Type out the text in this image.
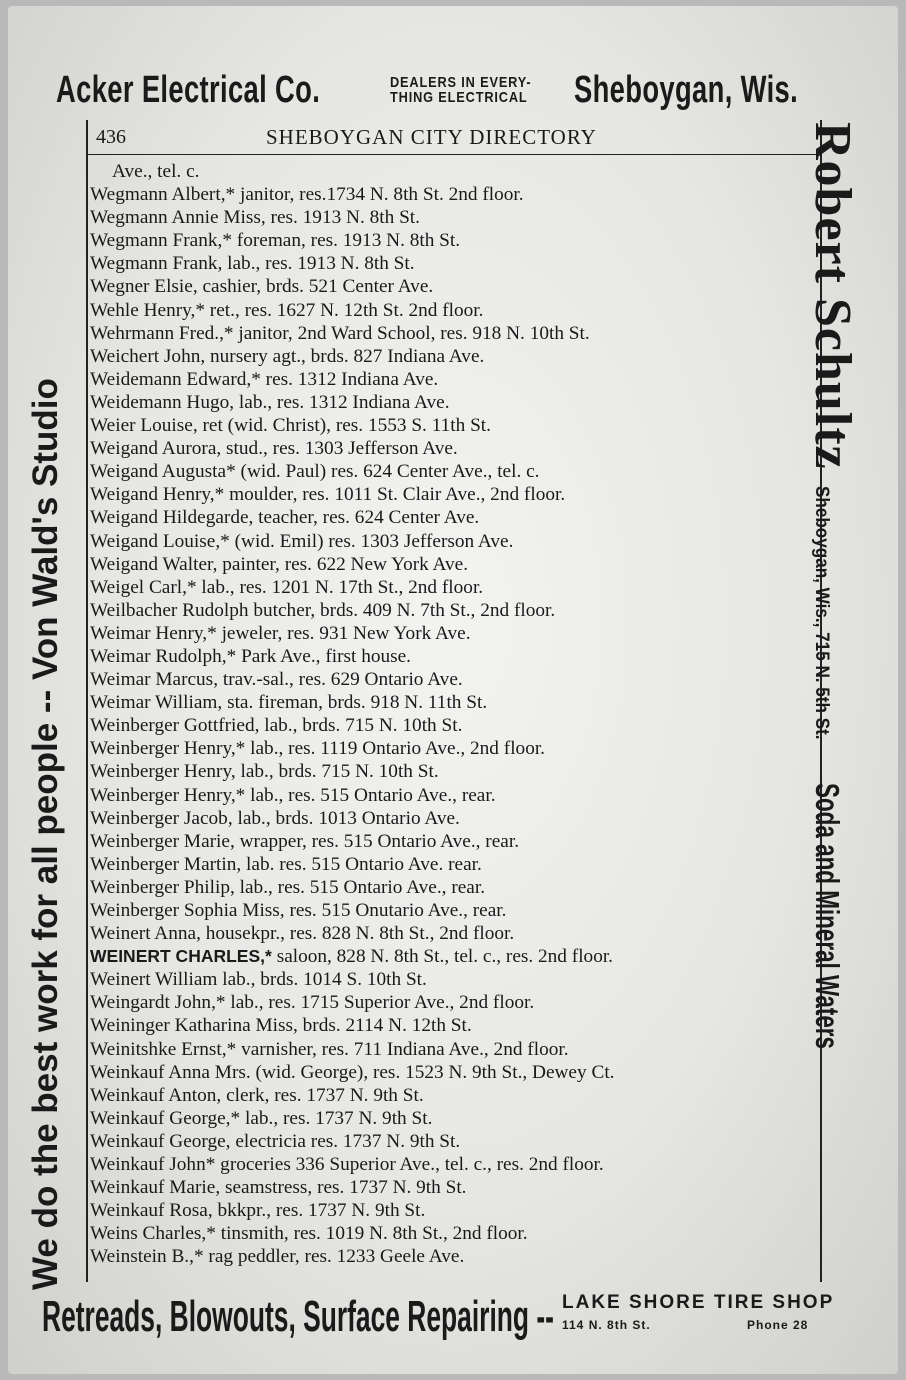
Acker Electrical Co.	DEALERS IN EVERY-
THING ELECTRICAL Sheboygan, Wis.
436	SHEBOYGAN CITY DIRECTORY
Ave., tel. c.
Wegmann Albert,* janitor, res.1734 N. 8th St. 2nd floor.
Wegmann Annie Miss, res. 1913 N. 8th St.
Wegmann Frank,* foreman, res. 1913 N. 8th St.
Wegmann Frank, lab., res. 1913 N. 8th St.
Wegner Elsie, cashier, brds. 521 Center Ave.
Wehle Henry,* ret., res. 1627 N. 12th St. 2nd floor.
Wehrmann Fred.,* janitor, 2nd Ward School, res. 918 N. 10th St.
Weichert John, nursery agt., brds. 827 Indiana Ave.
Weidemann Edward,* res. 1312 Indiana Ave.
Weidemann Hugo, lab., res. 1312 Indiana Ave.
Weier Louise, ret (wid. Christ), res. 1553 S. 11th St.
Weigand Aurora, stud., res. 1303 Jefferson Ave.
Weigand Augusta* (wid. Paul) res. 624 Center Ave., tel. c.
Weigand Henry,* moulder, res. 1011 St. Clair Ave., 2nd floor.
Weigand Hildegarde, teacher, res. 624 Center Ave.
Weigand Louise,* (wid. Emil) res. 1303 Jefferson Ave.
Weigand Walter, painter, res. 622 New York Ave.
Weigel Carl,* lab., res. 1201 N. 17th St., 2nd floor.
Weilbacher Rudolph butcher, brds. 409 N. 7th St., 2nd floor.
Weimar Henry,* jeweler, res. 931 New York Ave.
Weimar Rudolph,* Park Ave., first house.
Weimar Marcus, trav.-sal., res. 629 Ontario Ave.
Weimar William, sta. fireman, brds. 918 N. 11th St.
Weinberger Gottfried, lab., brds. 715 N. 10th St.
Weinberger Henry,* lab., res. 1119 Ontario Ave., 2nd floor.
Weinberger Henry, lab., brds. 715 N. 10th St.
Weinberger Henry,* lab., res. 515 Ontario Ave., rear.
Weinberger Jacob, lab., brds. 1013 Ontario Ave.
Weinberger Marie, wrapper, res. 515 Ontario Ave., rear.
Weinberger Martin, lab. res. 515 Ontario Ave. rear.
Weinberger Philip, lab., res. 515 Ontario Ave., rear.
Weinberger Sophia Miss, res. 515 Onutario Ave., rear.
Weinert Anna, housekpr., res. 828 N. 8th St., 2nd floor.
WEINERT CHARLES,* saloon, 828 N. 8th St., tel. c., res. 2nd floor.
Weinert William lab., brds. 1014 S. 10th St.
Weingardt John,* lab., res. 1715 Superior Ave., 2nd floor.
Weininger Katharina Miss, brds. 2114 N. 12th St.
Weinitshke Ernst,* varnisher, res. 711 Indiana Ave., 2nd floor.
Weinkauf Anna Mrs. (wid. George), res. 1523 N. 9th St., Dewey Ct.
Weinkauf Anton, clerk, res. 1737 N. 9th St.
Weinkauf George,* lab., res. 1737 N. 9th St.
Weinkauf George, electricia res. 1737 N. 9th St.
Weinkauf John* groceries 336 Superior Ave., tel. c., res. 2nd floor.
Weinkauf Marie, seamstress, res. 1737 N. 9th St.
Weinkauf Rosa, bkkpr., res. 1737 N. 9th St.
Weins Charles,* tinsmith, res. 1019 N. 8th St., 2nd floor.
Weinstein B.,* rag peddler, res. 1233 Geele Ave.
We do the best work for all people -- Von Wald's Studio
Robert Schultz
Sheboygan, Wis., 715 N. 5th St.
Soda and Mineral Waters
Retreads, Blowouts, Surface Repairing -- LAKE SHORE TIRE SHOP
114 N. 8th St.	Phone 28
